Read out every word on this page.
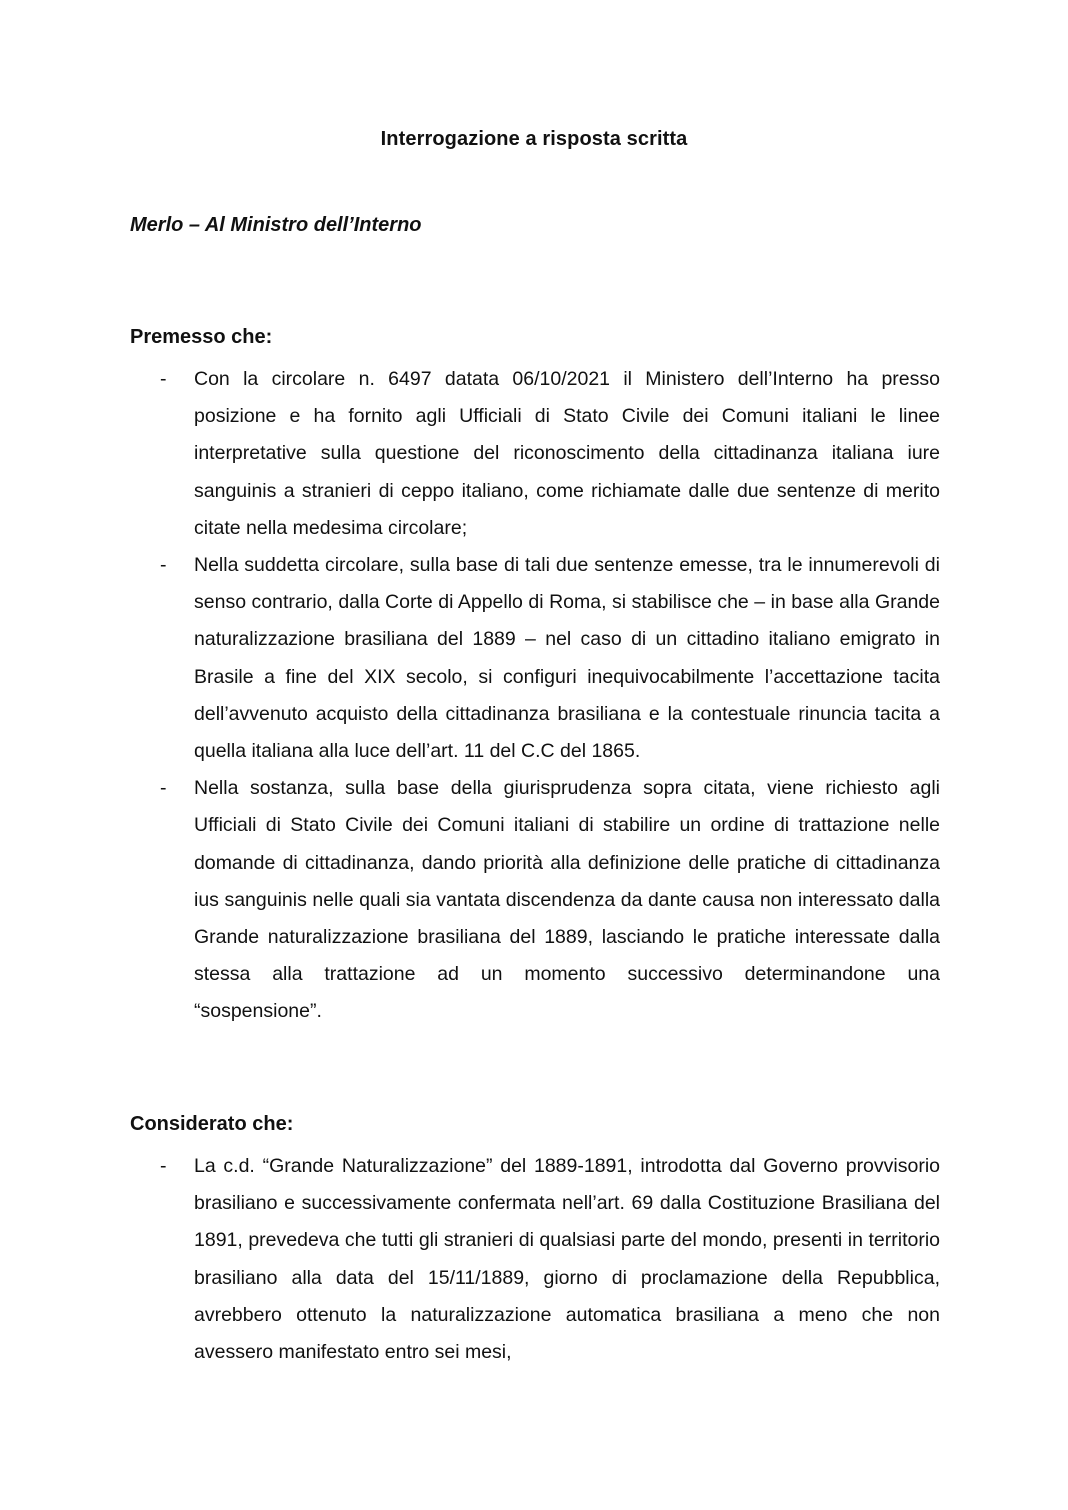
Interrogazione a risposta scritta
Merlo – Al Ministro dell’Interno
Premesso che:
- Con la circolare n. 6497 datata 06/10/2021 il Ministero dell’Interno ha presso posizione e ha fornito agli Ufficiali di Stato Civile dei Comuni italiani le linee interpretative sulla questione del riconoscimento della cittadinanza italiana iure sanguinis a stranieri di ceppo italiano, come richiamate dalle due sentenze di merito citate nella medesima circolare;
- Nella suddetta circolare, sulla base di tali due sentenze emesse, tra le innumerevoli di senso contrario, dalla Corte di Appello di Roma, si stabilisce che – in base alla Grande naturalizzazione brasiliana del 1889 – nel caso di un cittadino italiano emigrato in Brasile a fine del XIX secolo, si configuri inequivocabilmente l’accettazione tacita dell’avvenuto acquisto della cittadinanza brasiliana e la contestuale rinuncia tacita a quella italiana alla luce dell’art. 11 del C.C del 1865.
- Nella sostanza, sulla base della giurisprudenza sopra citata, viene richiesto agli Ufficiali di Stato Civile dei Comuni italiani di stabilire un ordine di trattazione nelle domande di cittadinanza, dando priorità alla definizione delle pratiche di cittadinanza ius sanguinis nelle quali sia vantata discendenza da dante causa non interessato dalla Grande naturalizzazione brasiliana del 1889, lasciando le pratiche interessate dalla stessa alla trattazione ad un momento successivo determinandone una “sospensione”.
Considerato che:
- La c.d. “Grande Naturalizzazione” del 1889-1891, introdotta dal Governo provvisorio brasiliano e successivamente confermata nell’art. 69 dalla Costituzione Brasiliana del 1891, prevedeva che tutti gli stranieri di qualsiasi parte del mondo, presenti in territorio brasiliano alla data del 15/11/1889, giorno di proclamazione della Repubblica, avrebbero ottenuto la naturalizzazione automatica brasiliana a meno che non avessero manifestato entro sei mesi,
